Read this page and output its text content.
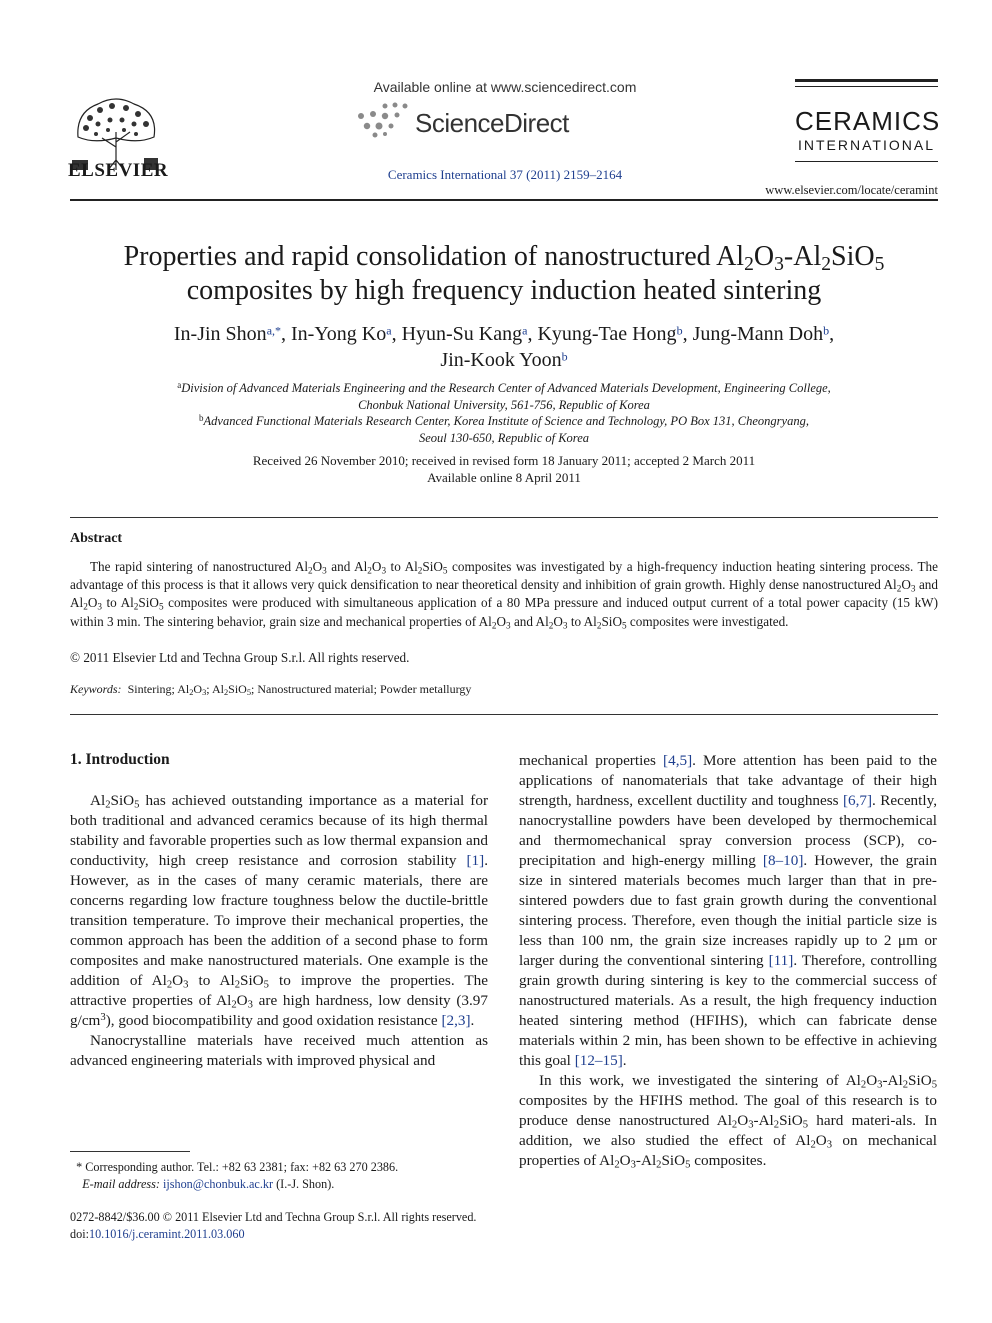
ELSEVIER
Available online at www.sciencedirect.com
ScienceDirect
Ceramics International 37 (2011) 2159–2164
CERAMICS
INTERNATIONAL
www.elsevier.com/locate/ceramint
Properties and rapid consolidation of nanostructured $Al_2O_3-Al_2SiO_5$
composites by high frequency induction heated sintering
In-Jin Shon$^{a,*}$, In-Yong Ko$^a$, Hyun-Su Kang$^a$, Kyung-Tae Hong$^b$, Jung-Mann Doh$^b$,
Jin-Kook Yoon$^b$
$^a$Division of Advanced Materials Engineering and the Research Center of Advanced Materials Development, Engineering College,
Chonbuk National University, 561-756, Republic of Korea
$^b$Advanced Functional Materials Research Center, Korea Institute of Science and Technology, PO Box 131, Cheongryang,
Seoul 130-650, Republic of Korea
Received 26 November 2010; received in revised form 18 January 2011; accepted 2 March 2011
Available online 8 April 2011
Abstract

The rapid sintering of nanostructured $Al_2O_3$ and $Al_2O_3$ to $Al_2SiO_5$ composites was investigated by a high-frequency induction heating sintering process. The advantage of this process is that it allows very quick densification to near theoretical density and inhibition of grain growth. Highly dense nanostructured $Al_2O_3$ and $Al_2O_3$ to $Al_2SiO_5$ composites were produced with simultaneous application of a 80 MPa pressure and induced output current of a total power capacity (15 kW) within 3 min. The sintering behavior, grain size and mechanical properties of $Al_2O_3$ and $Al_2O_3$ to $Al_2SiO_5$ composites were investigated.

© 2011 Elsevier Ltd and Techna Group S.r.l. All rights reserved.
Keywords:  Sintering; $Al_2O_3$; $Al_2SiO_5$; Nanostructured material; Powder metallurgy
1. Introduction

$Al_2SiO_5$ has achieved outstanding importance as a material for both traditional and advanced ceramics because of its high thermal stability and favorable properties such as low thermal expansion and conductivity, high creep resistance and corrosion stability [1]. However, as in the cases of many ceramic materials, there are concerns regarding low fracture toughness below the ductile-brittle transition temperature. To improve their mechanical properties, the common approach has been the addition of a second phase to form composites and make nanostructured materials. One example is the addition of $Al_2O_3$ to $Al_2SiO_5$ to improve the properties. The attractive properties of $Al_2O_3$ are high hardness, low density (3.97 $g/cm^3$), good biocompatibility and good oxidation resistance [2,3].

Nanocrystalline materials have received much attention as advanced engineering materials with improved physical and

* Corresponding author. Tel.: +82 63 2381; fax: +82 63 270 2386.
E-mail address: ijshon@chonbuk.ac.kr (I.-J. Shon).

mechanical properties [4,5]. More attention has been paid to the applications of nanomaterials that take advantage of their high strength, hardness, excellent ductility and toughness [6,7]. Recently, nanocrystalline powders have been developed by thermochemical and thermomechanical spray conversion process (SCP), co-precipitation and high-energy milling [8–10]. However, the grain size in sintered materials becomes much larger than that in pre-sintered powders due to fast grain growth during the conventional sintering process. Therefore, even though the initial particle size is less than 100 nm, the grain size increases rapidly up to 2 μm or larger during the conventional sintering [11]. Therefore, controlling grain growth during sintering is key to the commercial success of nanostructured materials. As a result, the high frequency induction heated sintering method (HFIHS), which can fabricate dense materials within 2 min, has been shown to be effective in achieving this goal [12–15].

In this work, we investigated the sintering of $Al_2O_3-Al_2SiO_5$ composites by the HFIHS method. The goal of this research is to produce dense nanostructured $Al_2O_3-Al_2SiO_5$ hard materi-als. In addition, we also studied the effect of $Al_2O_3$ on mechanical properties of $Al_2O_3-Al_2SiO_5$ composites.

0272-8842/$36.00 © 2011 Elsevier Ltd and Techna Group S.r.l. All rights reserved.
doi:10.1016/j.ceramint.2011.03.060
